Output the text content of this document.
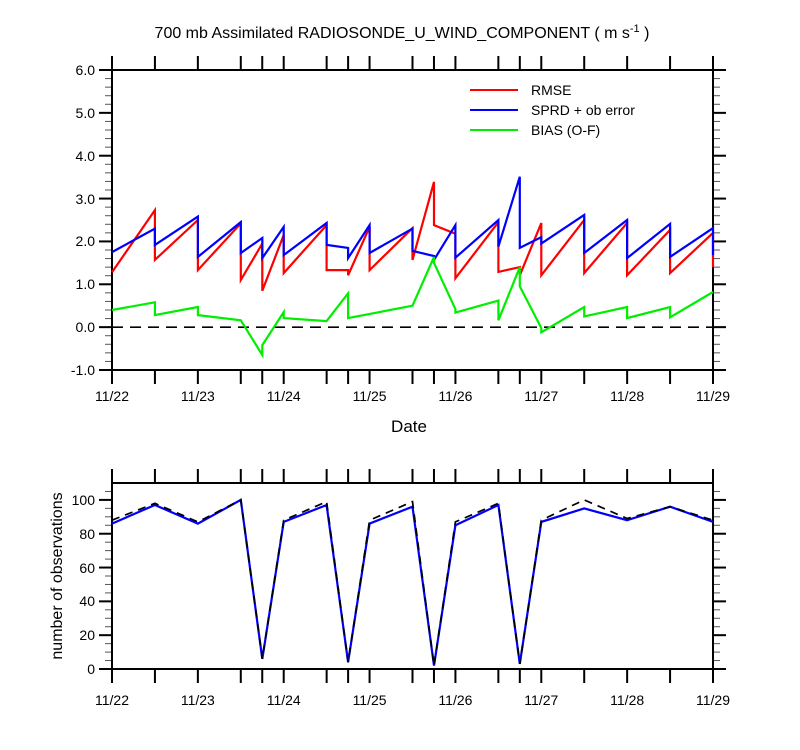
11/22	11/23	11/24	11/25	11/26	11/27	11/28	11/29
6.0
5.0
4.0
3.0
2.0
1.0
0.0
-1.0
11/22	11/23	11/24	11/25	11/26	11/27	11/28	11/29
100
80
60
40
20
0
700 mb Assimilated RADIOSONDE_U_WIND_COMPONENT ( m $s^{-1}$ )
RMSE
SPRD + ob error
BIAS (O-F)
Date
number of observations
